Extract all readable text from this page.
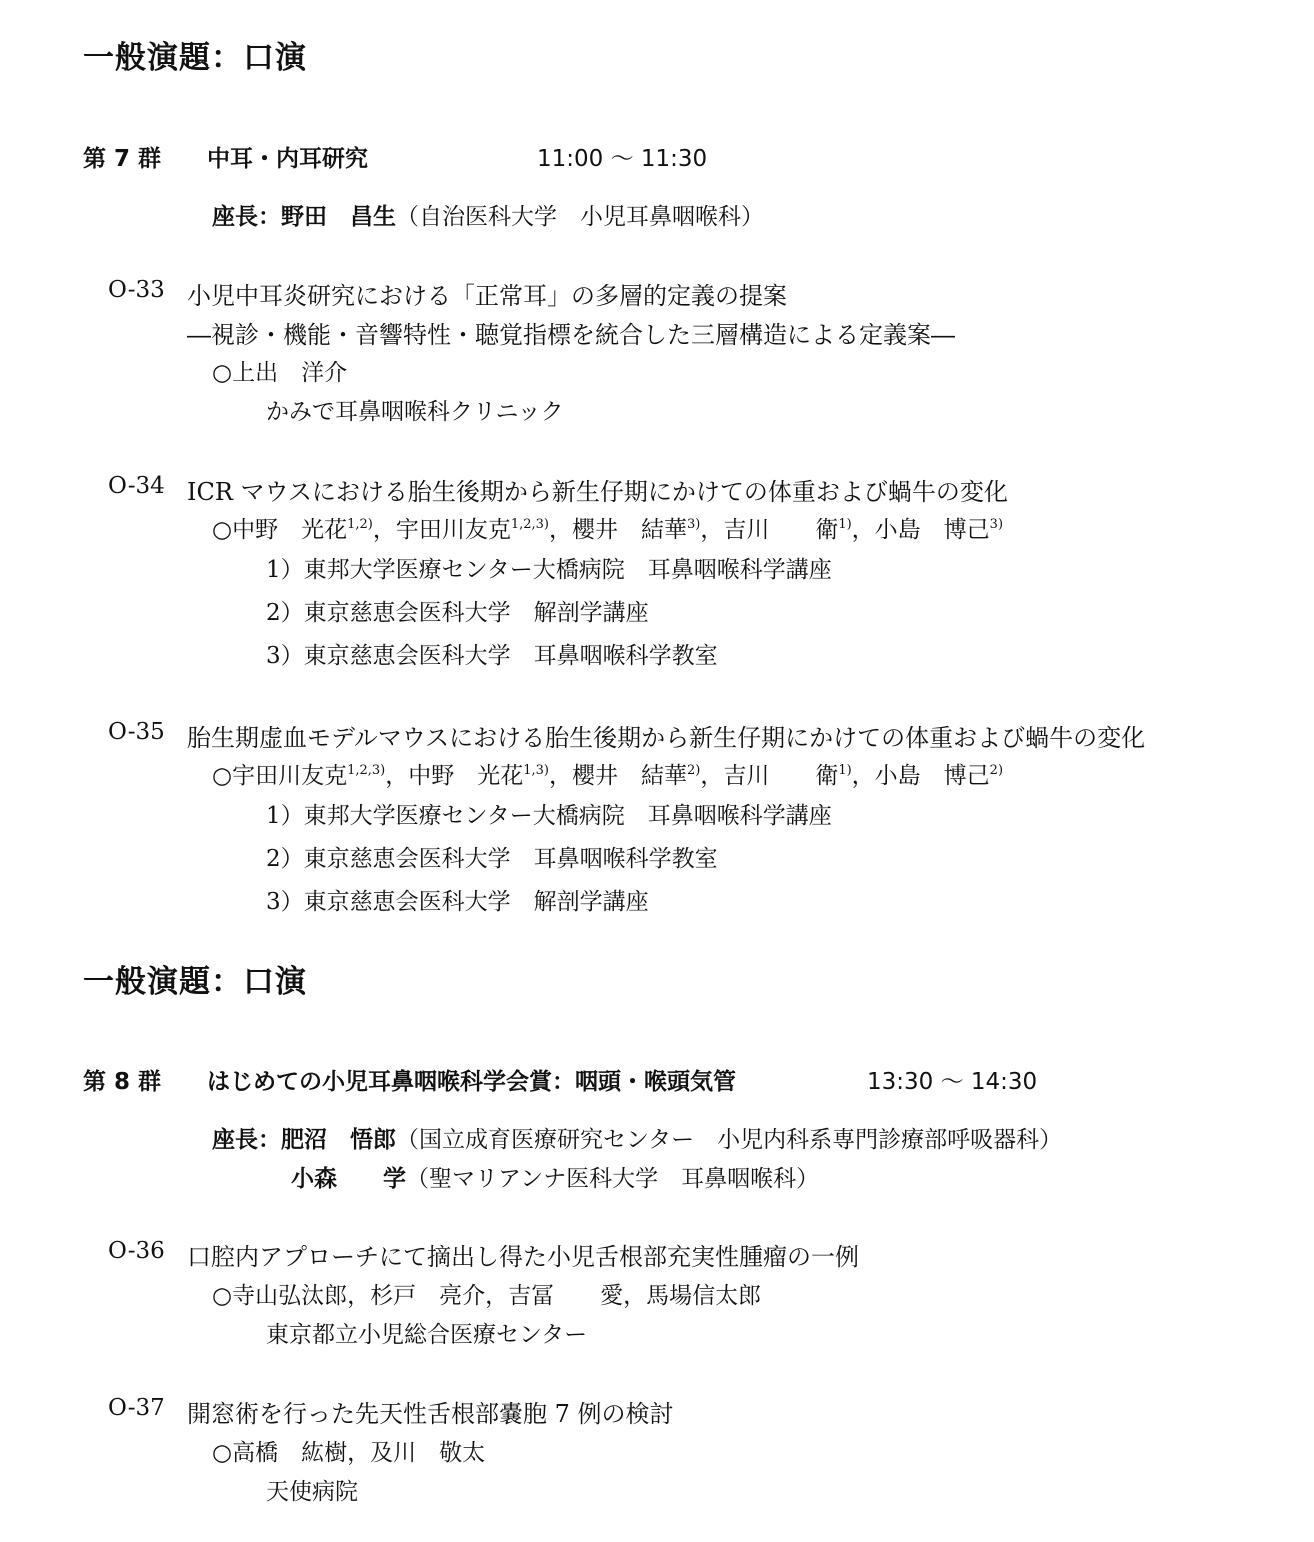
一般演題：口演
第 7 群 中耳・内耳研究	11:00 〜 11:30
座長：野田　昌生（自治医科大学　小児耳鼻咽喉科）
O-33 小児中耳炎研究における「正常耳」の多層的定義の提案
―視診・機能・音響特性・聴覚指標を統合した三層構造による定義案―
○上出　洋介
かみで耳鼻咽喉科クリニック
O-34 ICR マウスにおける胎生後期から新生仔期にかけての体重および蝸牛の変化
○中野　光花$^{1,2)}$，宇田川友克$^{1,2,3)}$，櫻井　結華$^{3)}$，吉川　　衛$^{1)}$，小島　博己$^{3)}$
1）東邦大学医療センター大橋病院　耳鼻咽喉科学講座
2）東京慈恵会医科大学　解剖学講座
3）東京慈恵会医科大学　耳鼻咽喉科学教室
O-35 胎生期虚血モデルマウスにおける胎生後期から新生仔期にかけての体重および蝸牛の変化
○宇田川友克$^{1,2,3)}$，中野　光花$^{1,3)}$，櫻井　結華$^{2)}$，吉川　　衛$^{1)}$，小島　博己$^{2)}$
1）東邦大学医療センター大橋病院　耳鼻咽喉科学講座
2）東京慈恵会医科大学　耳鼻咽喉科学教室
3）東京慈恵会医科大学　解剖学講座
一般演題：口演
第 8 群 はじめての小児耳鼻咽喉科学会賞：咽頭・喉頭気管	13:30 〜 14:30
座長：肥沼　悟郎（国立成育医療研究センター　小児内科系専門診療部呼吸器科）
小森　　学（聖マリアンナ医科大学　耳鼻咽喉科）
O-36 口腔内アプローチにて摘出し得た小児舌根部充実性腫瘤の一例
○寺山弘汰郎，杉戸　亮介，吉冨　　愛，馬場信太郎
東京都立小児総合医療センター
O-37 開窓術を行った先天性舌根部嚢胞 7 例の検討
○高橋　紘樹，及川　敬太
天使病院
